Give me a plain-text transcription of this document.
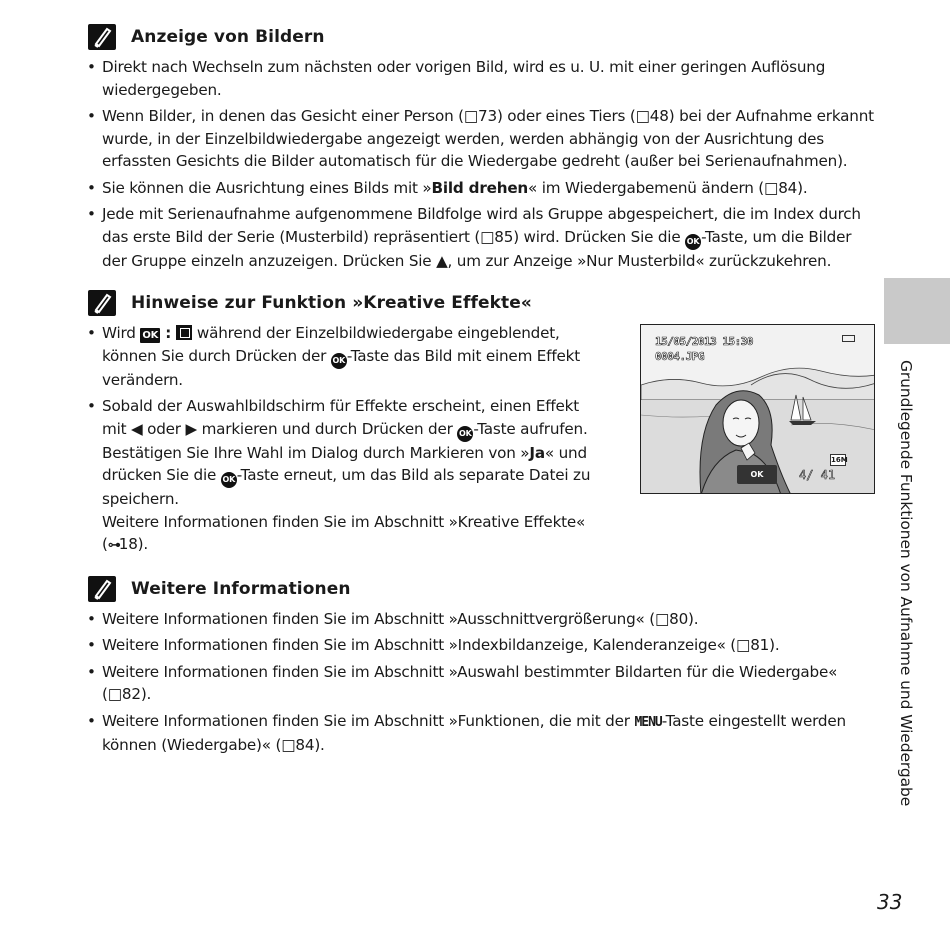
Anzeige von Bildern
• Direkt nach Wechseln zum nächsten oder vorigen Bild, wird es u. U. mit einer geringen Auflösung wiedergegeben.
• Wenn Bilder, in denen das Gesicht einer Person (□73) oder eines Tiers (□48) bei der Aufnahme erkannt wurde, in der Einzelbildwiedergabe angezeigt werden, werden abhängig von der Ausrichtung des erfassten Gesichts die Bilder automatisch für die Wiedergabe gedreht (außer bei Serienaufnahmen).
• Sie können die Ausrichtung eines Bilds mit »Bild drehen« im Wiedergabemenü ändern (□84).
• Jede mit Serienaufnahme aufgenommene Bildfolge wird als Gruppe abgespeichert, die im Index durch das erste Bild der Serie (Musterbild) repräsentiert (□85) wird. Drücken Sie die OK -Taste, um die Bilder der Gruppe einzeln anzuzeigen. Drücken Sie ▲, um zur Anzeige »Nur Musterbild« zurückzukehren.
Hinweise zur Funktion »Kreative Effekte«
• Wird OK :  während der Einzelbildwiedergabe eingeblendet, können Sie durch Drücken der OK -Taste das Bild mit einem Effekt verändern.
• Sobald der Auswahlbildschirm für Effekte erscheint, einen Effekt mit ◀ oder ▶ markieren und durch Drücken der OK -Taste aufrufen. Bestätigen Sie Ihre Wahl im Dialog durch Markieren von »Ja« und drücken Sie die OK -Taste erneut, um das Bild als separate Datei zu speichern.
Weitere Informationen finden Sie im Abschnitt »Kreative Effekte«
(⊶18).
Weitere Informationen
• Weitere Informationen finden Sie im Abschnitt »Ausschnittvergrößerung« (□80).
• Weitere Informationen finden Sie im Abschnitt »Indexbildanzeige, Kalenderanzeige« (□81).
• Weitere Informationen finden Sie im Abschnitt »Auswahl bestimmter Bildarten für die Wiedergabe«
(□82).
• Weitere Informationen finden Sie im Abschnitt »Funktionen, die mit der MENU-Taste eingestellt werden können (Wiedergabe)« (□84).
15/05/2013 15:30
0004.JPG
16M
4/ 41
OK	Grundlegende Funktionen von Aufnahme und Wiedergabe
33
